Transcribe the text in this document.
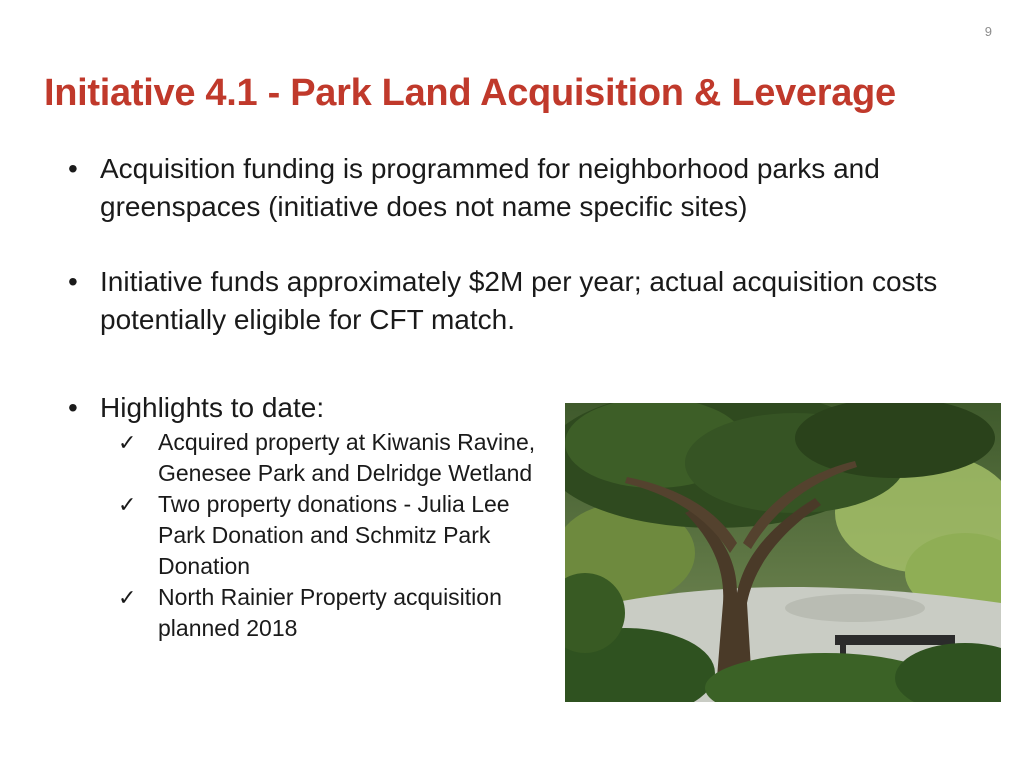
9
Initiative 4.1 - Park Land Acquisition & Leverage
• Acquisition funding is programmed for neighborhood parks and greenspaces (initiative does not name specific sites)
• Initiative funds approximately $2M per year; actual acquisition costs potentially eligible for CFT match.
• Highlights to date:
✓ Acquired property at Kiwanis Ravine, Genesee Park and Delridge Wetland
✓ Two property donations - Julia Lee Park Donation and Schmitz Park Donation
✓ North Rainier Property acquisition planned 2018
